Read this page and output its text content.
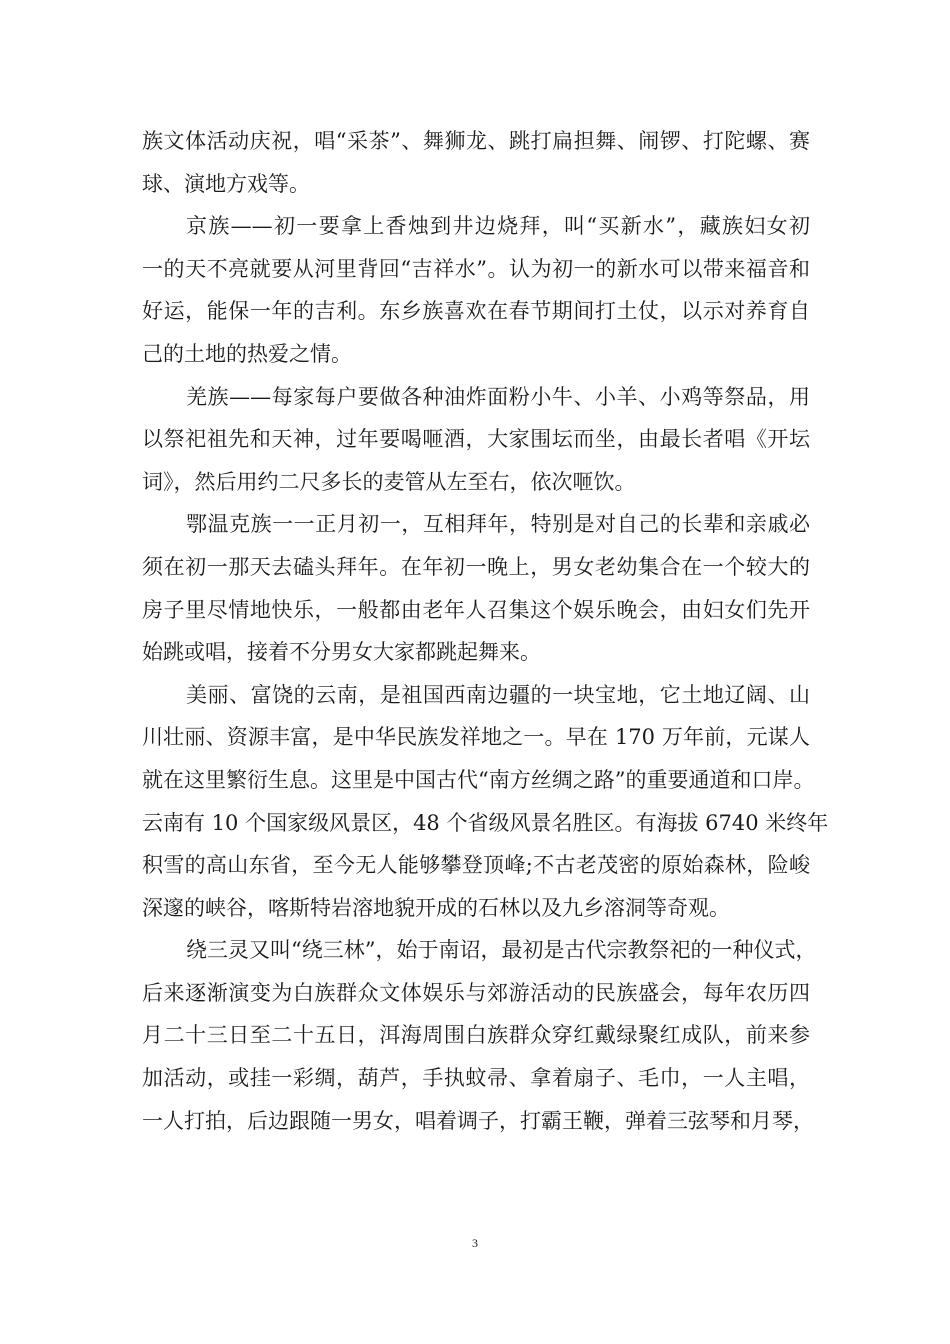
族文体活动庆祝，唱“采茶”、舞狮龙、跳打扁担舞、闹锣、打陀螺、赛
球、演地方戏等。
京族——初一要拿上香烛到井边烧拜，叫“买新水”，藏族妇女初
一的天不亮就要从河里背回“吉祥水”。认为初一的新水可以带来福音和
好运，能保一年的吉利。东乡族喜欢在春节期间打土仗，以示对养育自
己的土地的热爱之情。
羌族——每家每户要做各种油炸面粉小牛、小羊、小鸡等祭品，用
以祭祀祖先和天神，过年要喝咂酒，大家围坛而坐，由最长者唱《开坛
词》，然后用约二尺多长的麦管从左至右，依次咂饮。
鄂温克族一一正月初一，互相拜年，特别是对自己的长辈和亲戚必
须在初一那天去磕头拜年。在年初一晚上，男女老幼集合在一个较大的
房子里尽情地快乐，一般都由老年人召集这个娱乐晚会，由妇女们先开
始跳或唱，接着不分男女大家都跳起舞来。
美丽、富饶的云南，是祖国西南边疆的一块宝地，它土地辽阔、山
川壮丽、资源丰富，是中华民族发祥地之一。早在 170 万年前，元谋人
就在这里繁衍生息。这里是中国古代“南方丝绸之路”的重要通道和口岸。
云南有 10 个国家级风景区，48 个省级风景名胜区。有海拔 6740 米终年
积雪的高山东省，至今无人能够攀登顶峰;不古老茂密的原始森林，险峻
深邃的峡谷，喀斯特岩溶地貌开成的石林以及九乡溶洞等奇观。
绕三灵又叫“绕三林”，始于南诏，最初是古代宗教祭祀的一种仪式，
后来逐渐演变为白族群众文体娱乐与郊游活动的民族盛会，每年农历四
月二十三日至二十五日，洱海周围白族群众穿红戴绿聚红成队，前来参
加活动，或挂一彩绸，葫芦，手执蚊帚、拿着扇子、毛巾，一人主唱，
一人打拍，后边跟随一男女，唱着调子，打霸王鞭，弹着三弦琴和月琴，
3
